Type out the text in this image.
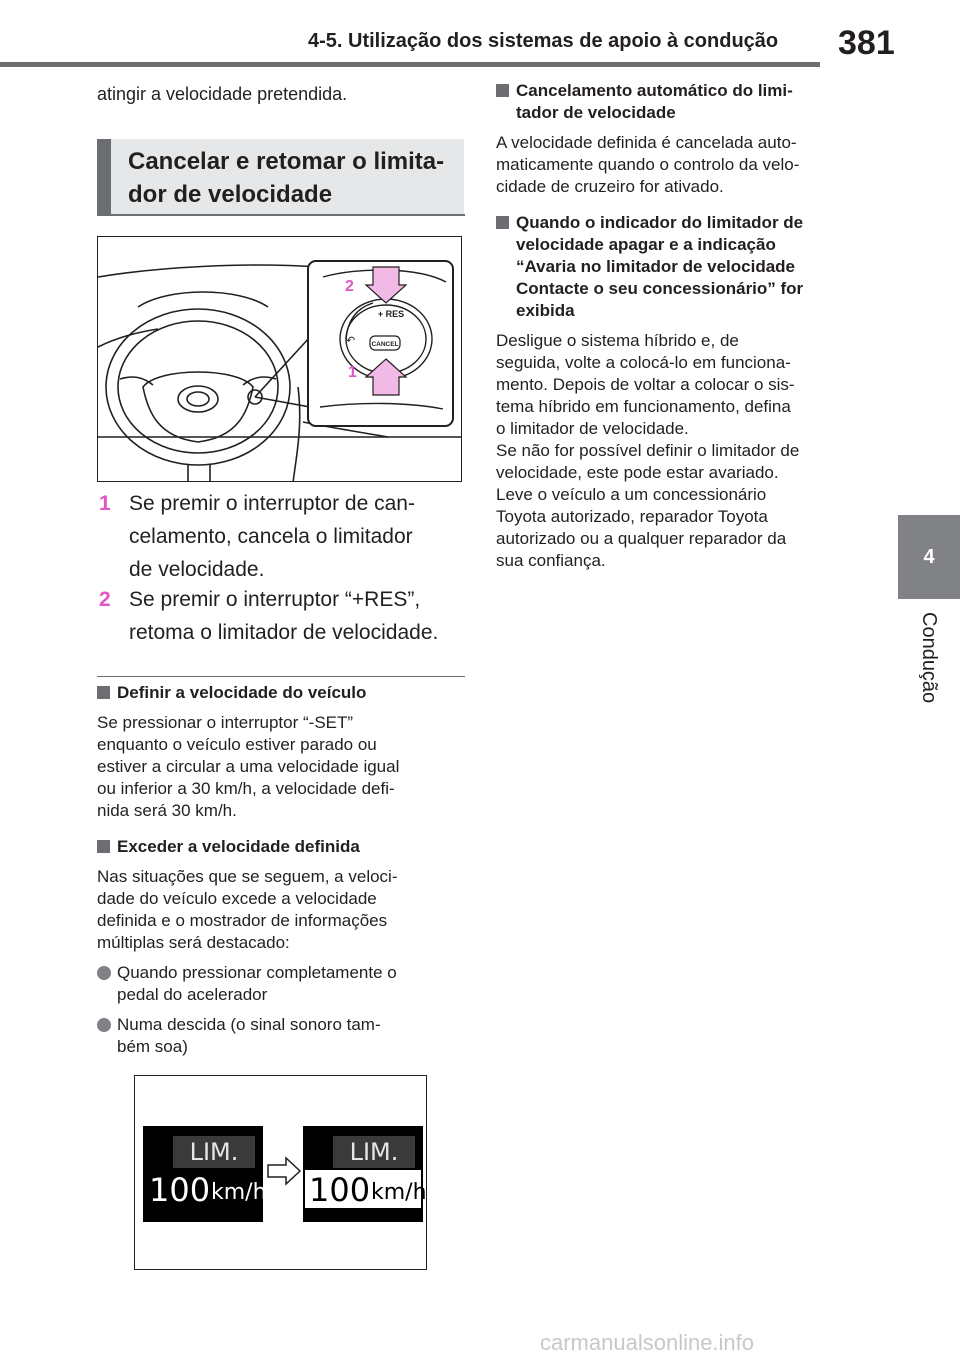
4-5. Utilização dos sistemas de apoio à condução 381
4
Condução

atingir a velocidade pretendida.

Cancelar e retomar o limita-
dor de velocidade
+ RES
CANCEL
↶
2
1
1 Se premir o interruptor de can-
celamento, cancela o limitador
de velocidade.
2 Se premir o interruptor “+RES”,
retoma o limitador de velocidade.
Definir a velocidade do veículo
Se pressionar o interruptor “-SET”
enquanto o veículo estiver parado ou
estiver a circular a uma velocidade igual
ou inferior a 30 km/h, a velocidade defi-
nida será 30 km/h.
Exceder a velocidade definida
Nas situações que se seguem, a veloci-
dade do veículo excede a velocidade
definida e o mostrador de informações
múltiplas será destacado:
Quando pressionar completamente o
pedal do acelerador
Numa descida (o sinal sonoro tam-
bém soa)
LIM.
100 km/h
LIM.
100 km/h
Cancelamento automático do limi-
tador de velocidade
A velocidade definida é cancelada auto-
maticamente quando o controlo da velo-
cidade de cruzeiro for ativado.
Quando o indicador do limitador de
velocidade apagar e a indicação
“Avaria no limitador de velocidade
Contacte o seu concessionário” for
exibida
Desligue o sistema híbrido e, de
seguida, volte a colocá-lo em funciona-
mento. Depois de voltar a colocar o sis-
tema híbrido em funcionamento, defina
o limitador de velocidade.
Se não for possível definir o limitador de
velocidade, este pode estar avariado.
Leve o veículo a um concessionário
Toyota autorizado, reparador Toyota
autorizado ou a qualquer reparador da
sua confiança.
carmanualsonline.info
